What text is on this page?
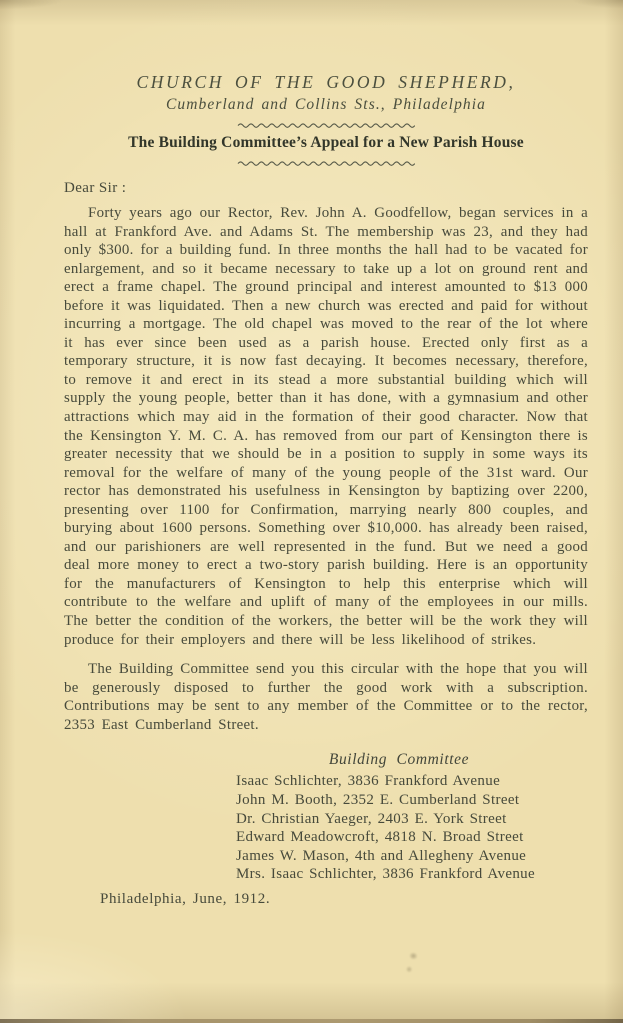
CHURCH OF THE GOOD SHEPHERD,
Cumberland and Collins Sts., Philadelphia
The Building Committee’s Appeal for a New Parish House
Dear Sir :

Forty years ago our Rector, Rev. John A. Goodfellow, began services in a hall at Frankford Ave. and Adams St. The membership was 23, and they had only $300. for a building fund. In three months the hall had to be vacated for enlargement, and so it became necessary to take up a lot on ground rent and erect a frame chapel. The ground principal and interest amounted to $13 000 before it was liquidated. Then a new church was erected and paid for without incurring a mortgage. The old chapel was moved to the rear of the lot where it has ever since been used as a parish house. Erected only first as a temporary structure, it is now fast decaying. It becomes necessary, therefore, to remove it and erect in its stead a more substantial building which will supply the young people, better than it has done, with a gymnasium and other attractions which may aid in the formation of their good character. Now that the Kensington Y. M. C. A. has removed from our part of Kensington there is greater necessity that we should be in a position to supply in some ways its removal for the welfare of many of the young people of the 31st ward. Our rector has demonstrated his usefulness in Kensington by baptizing over 2200, presenting over 1100 for Confirmation, marrying nearly 800 couples, and burying about 1600 persons. Something over $10,000. has already been raised, and our parishioners are well represented in the fund. But we need a good deal more money to erect a two-story parish building. Here is an opportunity for the manufacturers of Kensington to help this enterprise which will contribute to the welfare and uplift of many of the employees in our mills. The better the condition of the workers, the better will be the work they will produce for their employers and there will be less likelihood of strikes.

The Building Committee send you this circular with the hope that you will be generously disposed to further the good work with a subscription. Contributions may be sent to any member of the Committee or to the rector, 2353 East Cumberland Street.

Building Committee
Isaac Schlichter, 3836 Frankford Avenue
John M. Booth, 2352 E. Cumberland Street
Dr. Christian Yaeger, 2403 E. York Street
Edward Meadowcroft, 4818 N. Broad Street
James W. Mason, 4th and Allegheny Avenue
Mrs. Isaac Schlichter, 3836 Frankford Avenue
Philadelphia, June, 1912.
